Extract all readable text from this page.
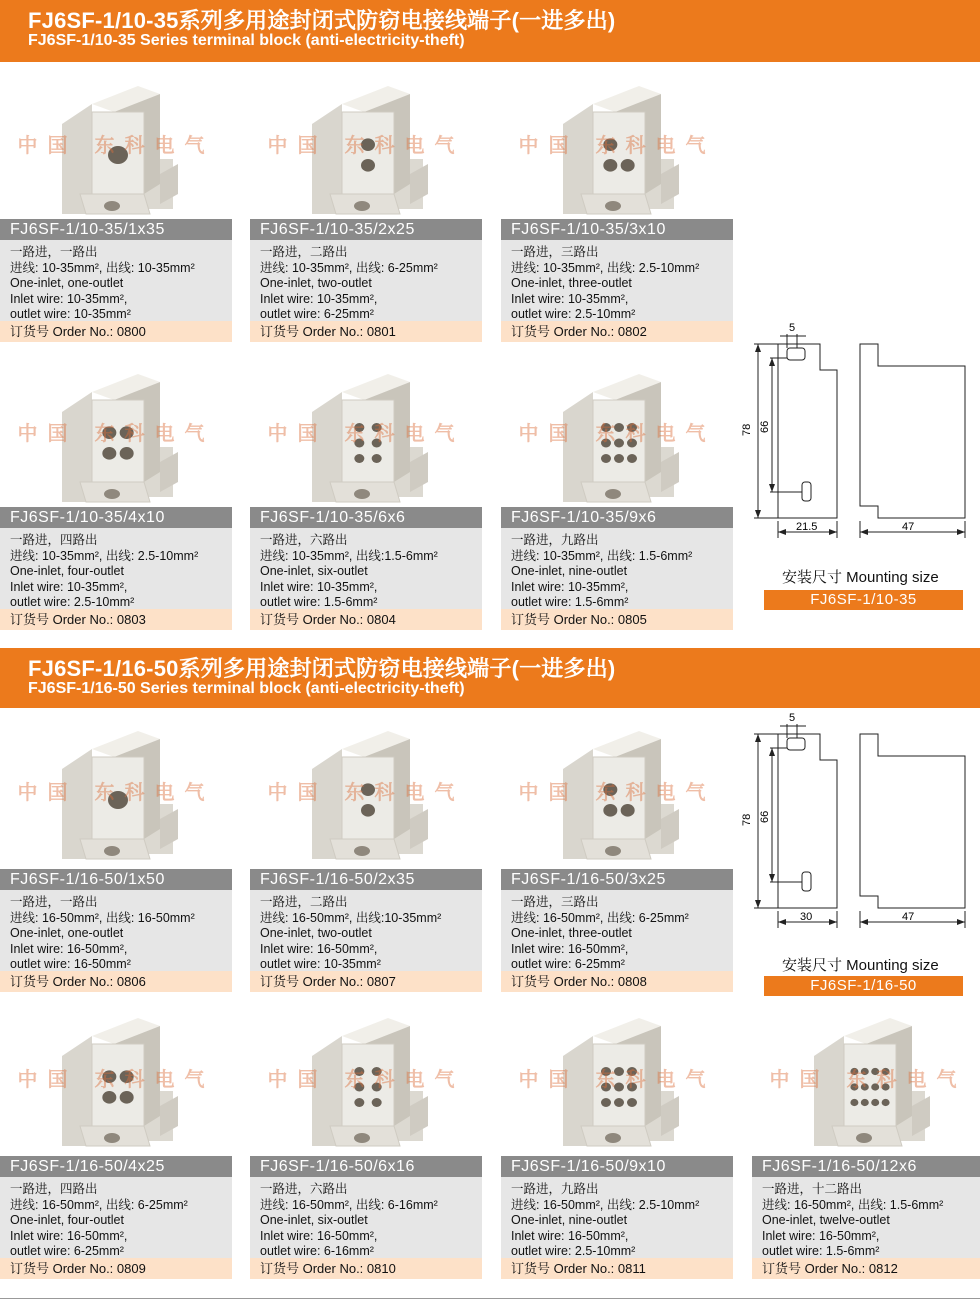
FJ6SF-1/10-35系列多用途封闭式防窃电接线端子(一进多出)
FJ6SF-1/10-35 Series terminal block (anti-electricity-theft)
FJ6SF-1/16-50系列多用途封闭式防窃电接线端子(一进多出)
FJ6SF-1/16-50 Series terminal block (anti-electricity-theft)
中国 东科电气
FJ6SF-1/10-35/1x35
一路进，一路出
进线: 10-35mm², 出线: 10-35mm²
One-inlet, one-outlet
Inlet wire: 10-35mm²,
outlet wire: 10-35mm²
订货号 Order No.: 0800
中国 东科电气
FJ6SF-1/10-35/2x25
一路进，二路出
进线: 10-35mm², 出线: 6-25mm²
One-inlet, two-outlet
Inlet wire: 10-35mm²,
outlet wire: 6-25mm²
订货号 Order No.: 0801
中国 东科电气
FJ6SF-1/10-35/3x10
一路进，三路出
进线: 10-35mm², 出线: 2.5-10mm²
One-inlet, three-outlet
Inlet wire: 10-35mm²,
outlet wire: 2.5-10mm²
订货号 Order No.: 0802
中国 东科电气
FJ6SF-1/10-35/4x10
一路进，四路出
进线: 10-35mm², 出线: 2.5-10mm²
One-inlet, four-outlet
Inlet wire: 10-35mm²,
outlet wire: 2.5-10mm²
订货号 Order No.: 0803
中国 东科电气
FJ6SF-1/10-35/6x6
一路进，六路出
进线: 10-35mm², 出线:1.5-6mm²
One-inlet, six-outlet
Inlet wire: 10-35mm²,
outlet wire: 1.5-6mm²
订货号 Order No.: 0804
中国 东科电气
FJ6SF-1/10-35/9x6
一路进，九路出
进线: 10-35mm², 出线: 1.5-6mm²
One-inlet, nine-outlet
Inlet wire: 10-35mm²,
outlet wire: 1.5-6mm²
订货号 Order No.: 0805
中国 东科电气
FJ6SF-1/16-50/1x50
一路进，一路出
进线: 16-50mm², 出线: 16-50mm²
One-inlet, one-outlet
Inlet wire: 16-50mm²,
outlet wire: 16-50mm²
订货号 Order No.: 0806
中国 东科电气
FJ6SF-1/16-50/2x35
一路进，二路出
进线: 16-50mm², 出线:10-35mm²
One-inlet, two-outlet
Inlet wire: 16-50mm²,
outlet wire: 10-35mm²
订货号 Order No.: 0807
中国 东科电气
FJ6SF-1/16-50/3x25
一路进，三路出
进线: 16-50mm², 出线: 6-25mm²
One-inlet, three-outlet
Inlet wire: 16-50mm²,
outlet wire: 6-25mm²
订货号 Order No.: 0808
中国 东科电气
FJ6SF-1/16-50/4x25
一路进，四路出
进线: 16-50mm², 出线: 6-25mm²
One-inlet, four-outlet
Inlet wire: 16-50mm²,
outlet wire: 6-25mm²
订货号 Order No.: 0809
中国 东科电气
FJ6SF-1/16-50/6x16
一路进，六路出
进线: 16-50mm², 出线: 6-16mm²
One-inlet, six-outlet
Inlet wire: 16-50mm²,
outlet wire: 6-16mm²
订货号 Order No.: 0810
中国 东科电气
FJ6SF-1/16-50/9x10
一路进，九路出
进线: 16-50mm², 出线: 2.5-10mm²
One-inlet, nine-outlet
Inlet wire: 16-50mm²,
outlet wire: 2.5-10mm²
订货号 Order No.: 0811
中国 东科电气
FJ6SF-1/16-50/12x6
一路进，十二路出
进线: 16-50mm², 出线: 1.5-6mm²
One-inlet, twelve-outlet
Inlet wire: 16-50mm²,
outlet wire: 1.5-6mm²
订货号 Order No.: 0812
5
78 66
21.5	47
安装尺寸 Mounting size
FJ6SF-1/10-35
5
78 66
30	47
安装尺寸 Mounting size
FJ6SF-1/16-50
